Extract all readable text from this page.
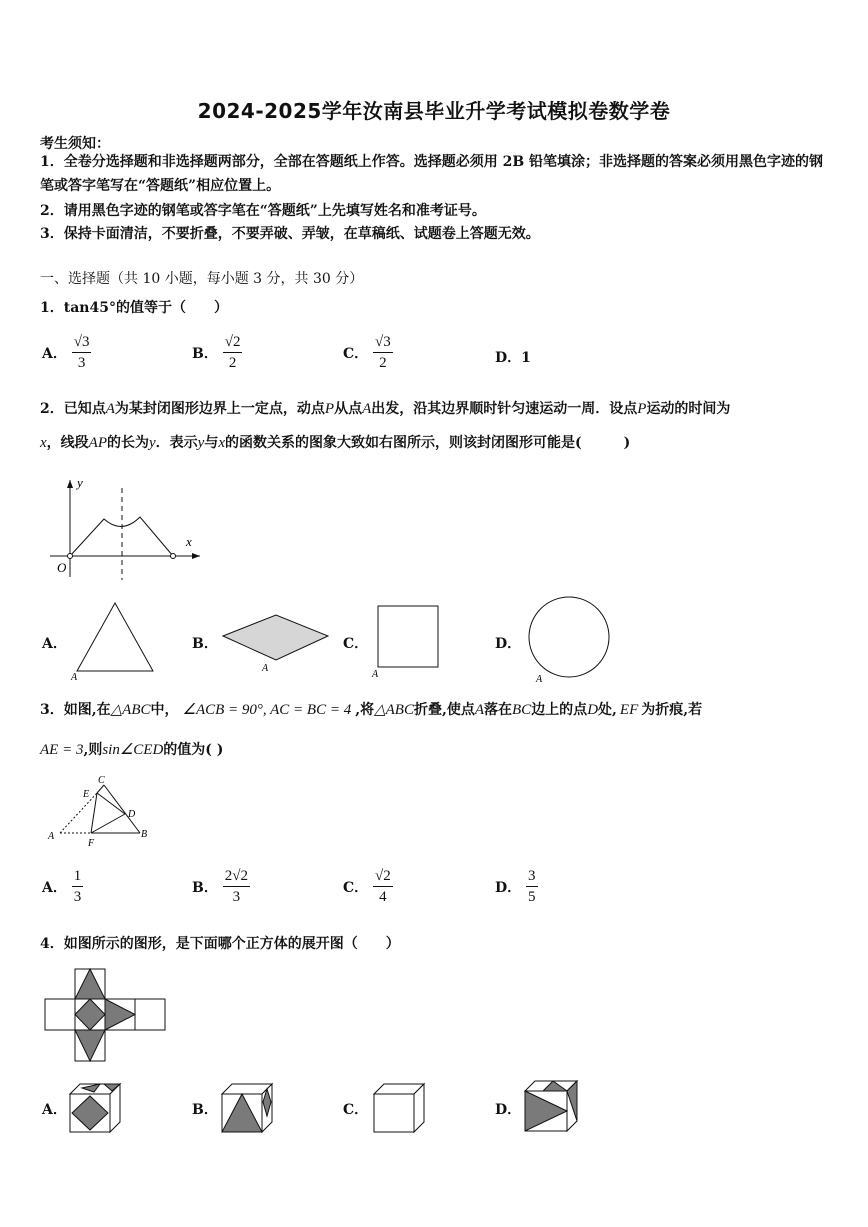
2024-2025学年汝南县毕业升学考试模拟卷数学卷
考生须知：
1．全卷分选择题和非选择题两部分，全部在答题纸上作答。选择题必须用 2B 铅笔填涂；非选择题的答案必须用黑色字迹的钢笔或答字笔写在“答题纸”相应位置上。
2．请用黑色字迹的钢笔或答字笔在“答题纸”上先填写姓名和准考证号。
3．保持卡面清洁，不要折叠，不要弄破、弄皱，在草稿纸、试题卷上答题无效。
一、选择题（共 10 小题，每小题 3 分，共 30 分）
1．tan45°的值等于（　　）
A． $\frac{√3}{3}$	B． $\frac{√2}{2}$	C． $\frac{√3}{2}$	D．1
2．已知点A为某封闭图形边界上一定点，动点P从点A出发，沿其边界顺时针匀速运动一周．设点P运动的时间为
x，线段AP的长为y．表示y与x的函数关系的图象大致如右图所示，则该封闭图形可能是(　　　)
y
x
O
A．
A
B．
A
C．
A
D．
A
3．如图,在△ABC中， ∠ACB = 90°, AC = BC = 4 ,将△ABC折叠,使点A落在BC边上的点D处, EF 为折痕,若
AE = 3,则sin∠CED的值为( )
C
E
D
A
F
B
A． $\frac{1}{3}$	B． $\frac{2√2}{3}$	C． $\frac{√2}{4}$	D． $\frac{3}{5}$
4．如图所示的图形，是下面哪个正方体的展开图（　　）
A．	B．	C．	D．
